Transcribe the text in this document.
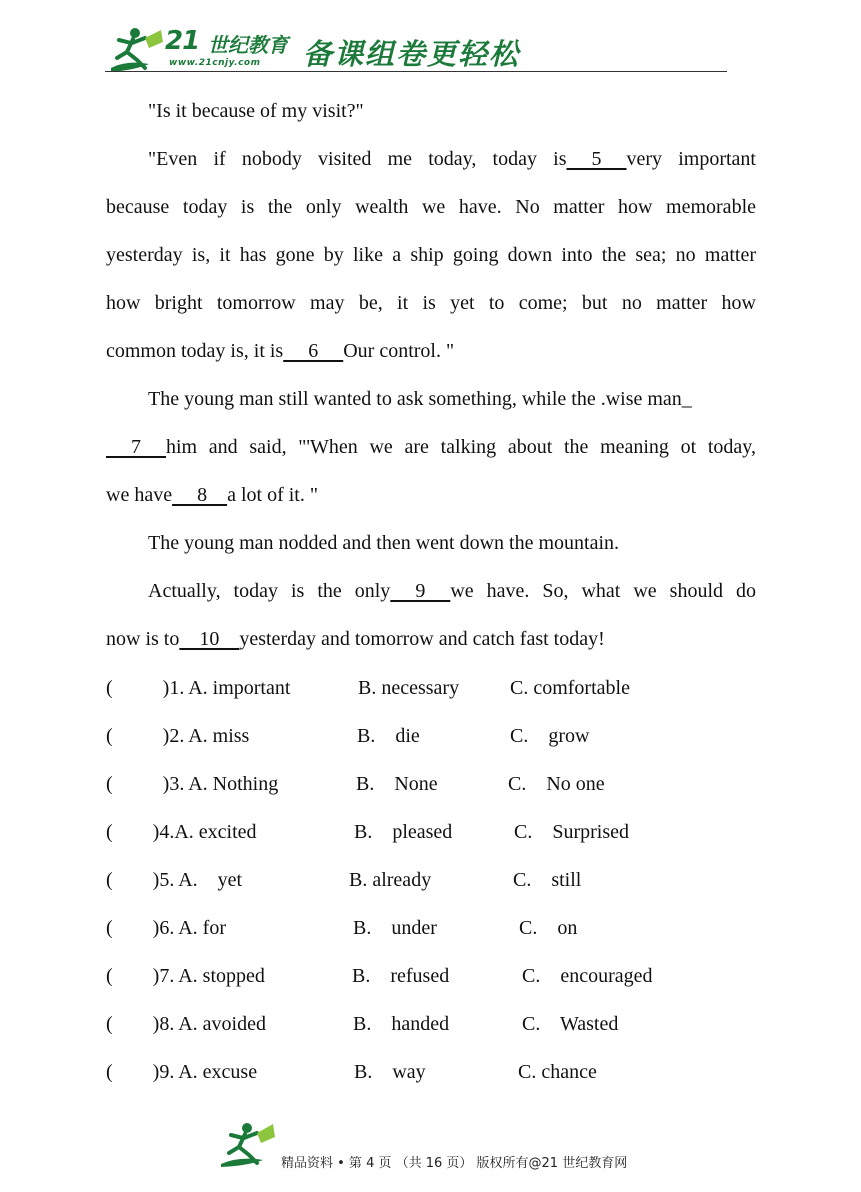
21 世纪教育
www.21cnjy.com 备课组卷更轻松

"Is it because of my visit?"

"Even if nobody visited me today, today is     5     very important

because today is the only wealth we have. No matter how memorable

yesterday is, it has gone by like a ship going down into the sea; no matter

how bright tomorrow may be, it is yet to come; but no matter how

common today is, it is     6     Our control. "

The young man still wanted to ask something, while the .wise man_

7     him and said, "'When we are talking about the meaning ot today,

we have     8    a lot of it. "

The young man nodded and then went down the mountain.

Actually, today is the only     9     we have. So, what we should do

now is to    10    yesterday and tomorrow and catch fast today!

(          )1. A. important	B. necessary	C. comfortable
(          )2. A. miss	B.    die	C.    grow
(          )3. A. Nothing	B.    None	C.    No one
(        )4.A. excited	B.    pleased	C.    Surprised
(        )5. A.    yet	B. already	C.    still
(        )6. A. for	B.    under	C.    on
(        )7. A. stopped	B.    refused	C.    encouraged
(        )8. A. avoided	B.    handed	C.    Wasted
(        )9. A. excuse	B.    way	C. chance
精品资料 • 第 4 页 （共 16 页） 版权所有@21 世纪教育网
